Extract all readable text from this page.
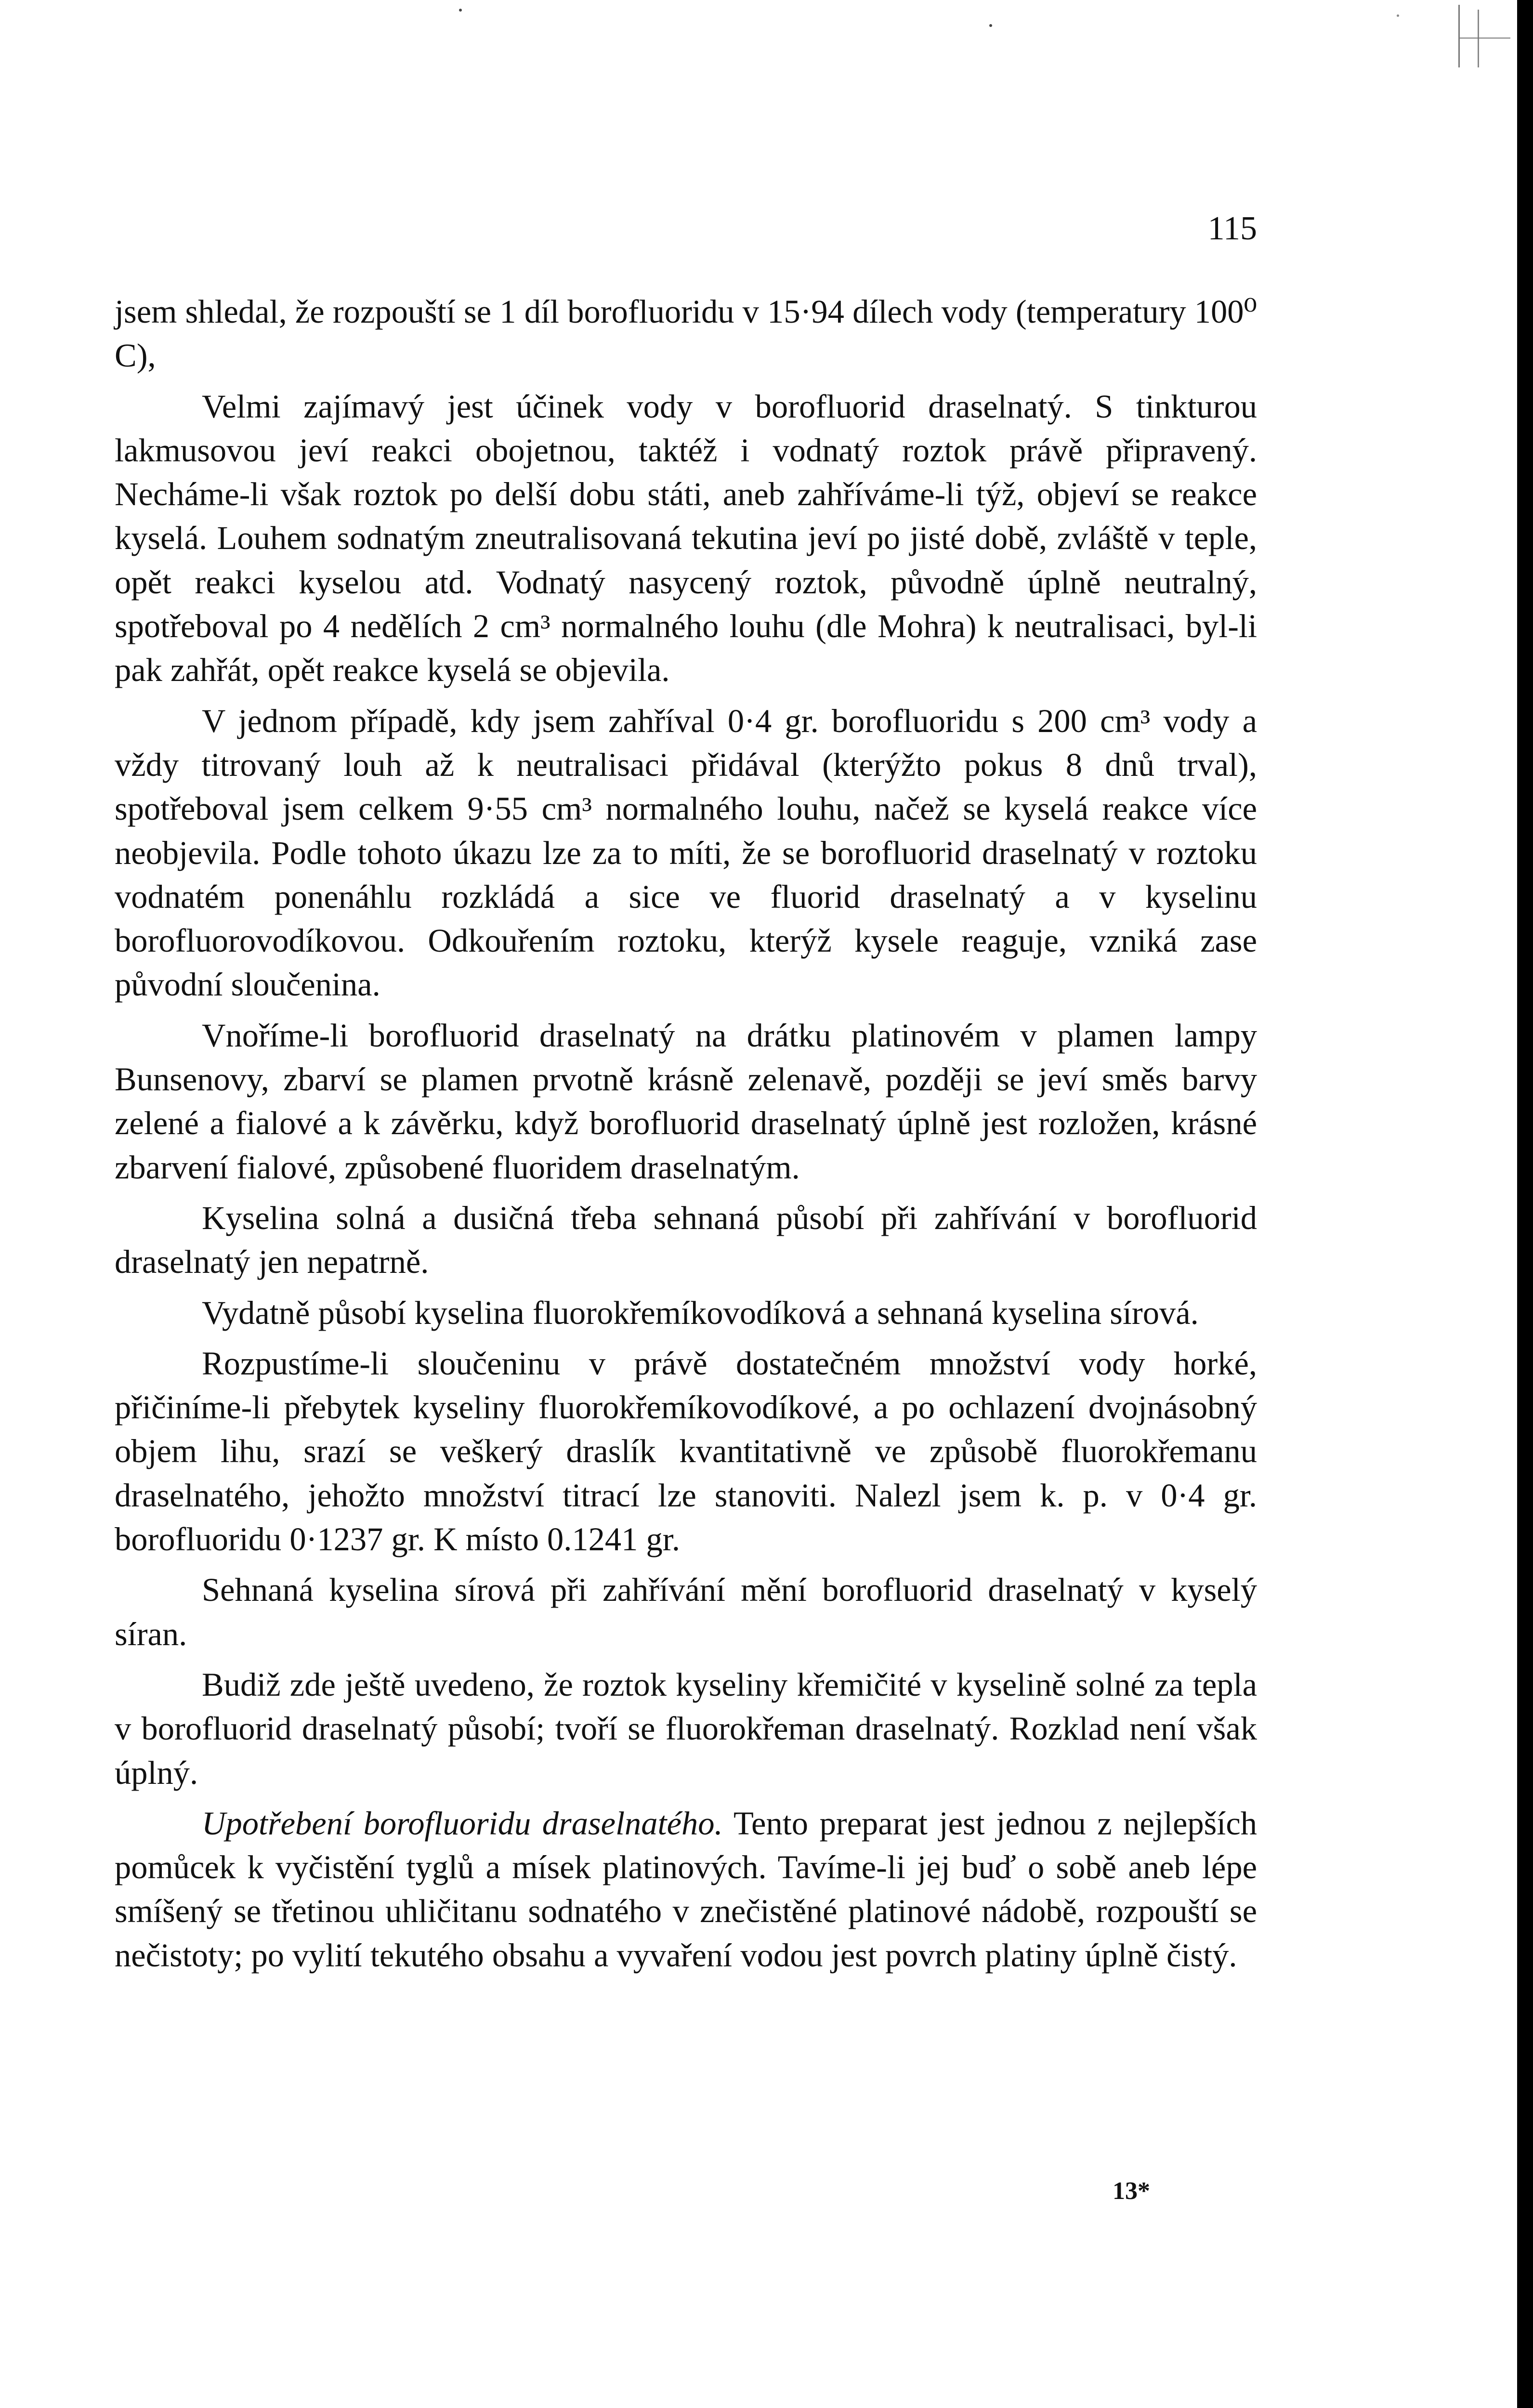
115

jsem shledal, že rozpouští se 1 díl borofluoridu v 15·94 dílech vody (temperatury 100⁰ C),

Velmi zajímavý jest účinek vody v borofluorid draselnatý. S tinkturou lakmusovou jeví reakci obojetnou, taktéž i vodnatý roztok právě připravený. Necháme-li však roztok po delší dobu státi, aneb zahříváme-li týž, objeví se reakce kyselá. Louhem sodnatým zneutralisovaná tekutina jeví po jisté době, zvláště v teple, opět reakci kyselou atd. Vodnatý nasycený roztok, původně úplně neutralný, spotřeboval po 4 nedělích 2 cm³ normalného louhu (dle Mohra) k neutralisaci, byl-li pak zahřát, opět reakce kyselá se objevila.

V jednom případě, kdy jsem zahříval 0·4 gr. borofluoridu s 200 cm³ vody a vždy titrovaný louh až k neutralisaci přidával (kterýžto pokus 8 dnů trval), spotřeboval jsem celkem 9·55 cm³ normalného louhu, načež se kyselá reakce více neobjevila. Podle tohoto úkazu lze za to míti, že se borofluorid draselnatý v roztoku vodnatém ponenáhlu rozkládá a sice ve fluorid draselnatý a v kyselinu borofluorovodíkovou. Odkouřením roztoku, kterýž kysele reaguje, vzniká zase původní sloučenina.

Vnoříme-li borofluorid draselnatý na drátku platinovém v plamen lampy Bunsenovy, zbarví se plamen prvotně krásně zelenavě, později se jeví směs barvy zelené a fialové a k závěrku, když borofluorid draselnatý úplně jest rozložen, krásné zbarvení fialové, způsobené fluoridem draselnatým.

Kyselina solná a dusičná třeba sehnaná působí při zahřívání v borofluorid draselnatý jen nepatrně.

Vydatně působí kyselina fluorokřemíkovodíková a sehnaná kyselina sírová.

Rozpustíme-li sloučeninu v právě dostatečném množství vody horké, přičiníme-li přebytek kyseliny fluorokřemíkovodíkové, a po ochlazení dvojnásobný objem lihu, srazí se veškerý draslík kvantitativně ve způsobě fluorokřemanu draselnatého, jehožto množství titrací lze stanoviti. Nalezl jsem k. p. v 0·4 gr. borofluoridu 0·1237 gr. K místo 0.1241 gr.

Sehnaná kyselina sírová při zahřívání mění borofluorid draselnatý v kyselý síran.

Budiž zde ještě uvedeno, že roztok kyseliny křemičité v kyselině solné za tepla v borofluorid draselnatý působí; tvoří se fluorokřeman draselnatý. Rozklad není však úplný.

Upotřebení borofluoridu draselnatého. Tento preparat jest jednou z nejlepších pomůcek k vyčistění tyglů a mísek platinových. Tavíme-li jej buď o sobě aneb lépe smíšený se třetinou uhličitanu sodnatého v znečistěné platinové nádobě, rozpouští se nečistoty; po vylití tekutého obsahu a vyvaření vodou jest povrch platiny úplně čistý.

13*
